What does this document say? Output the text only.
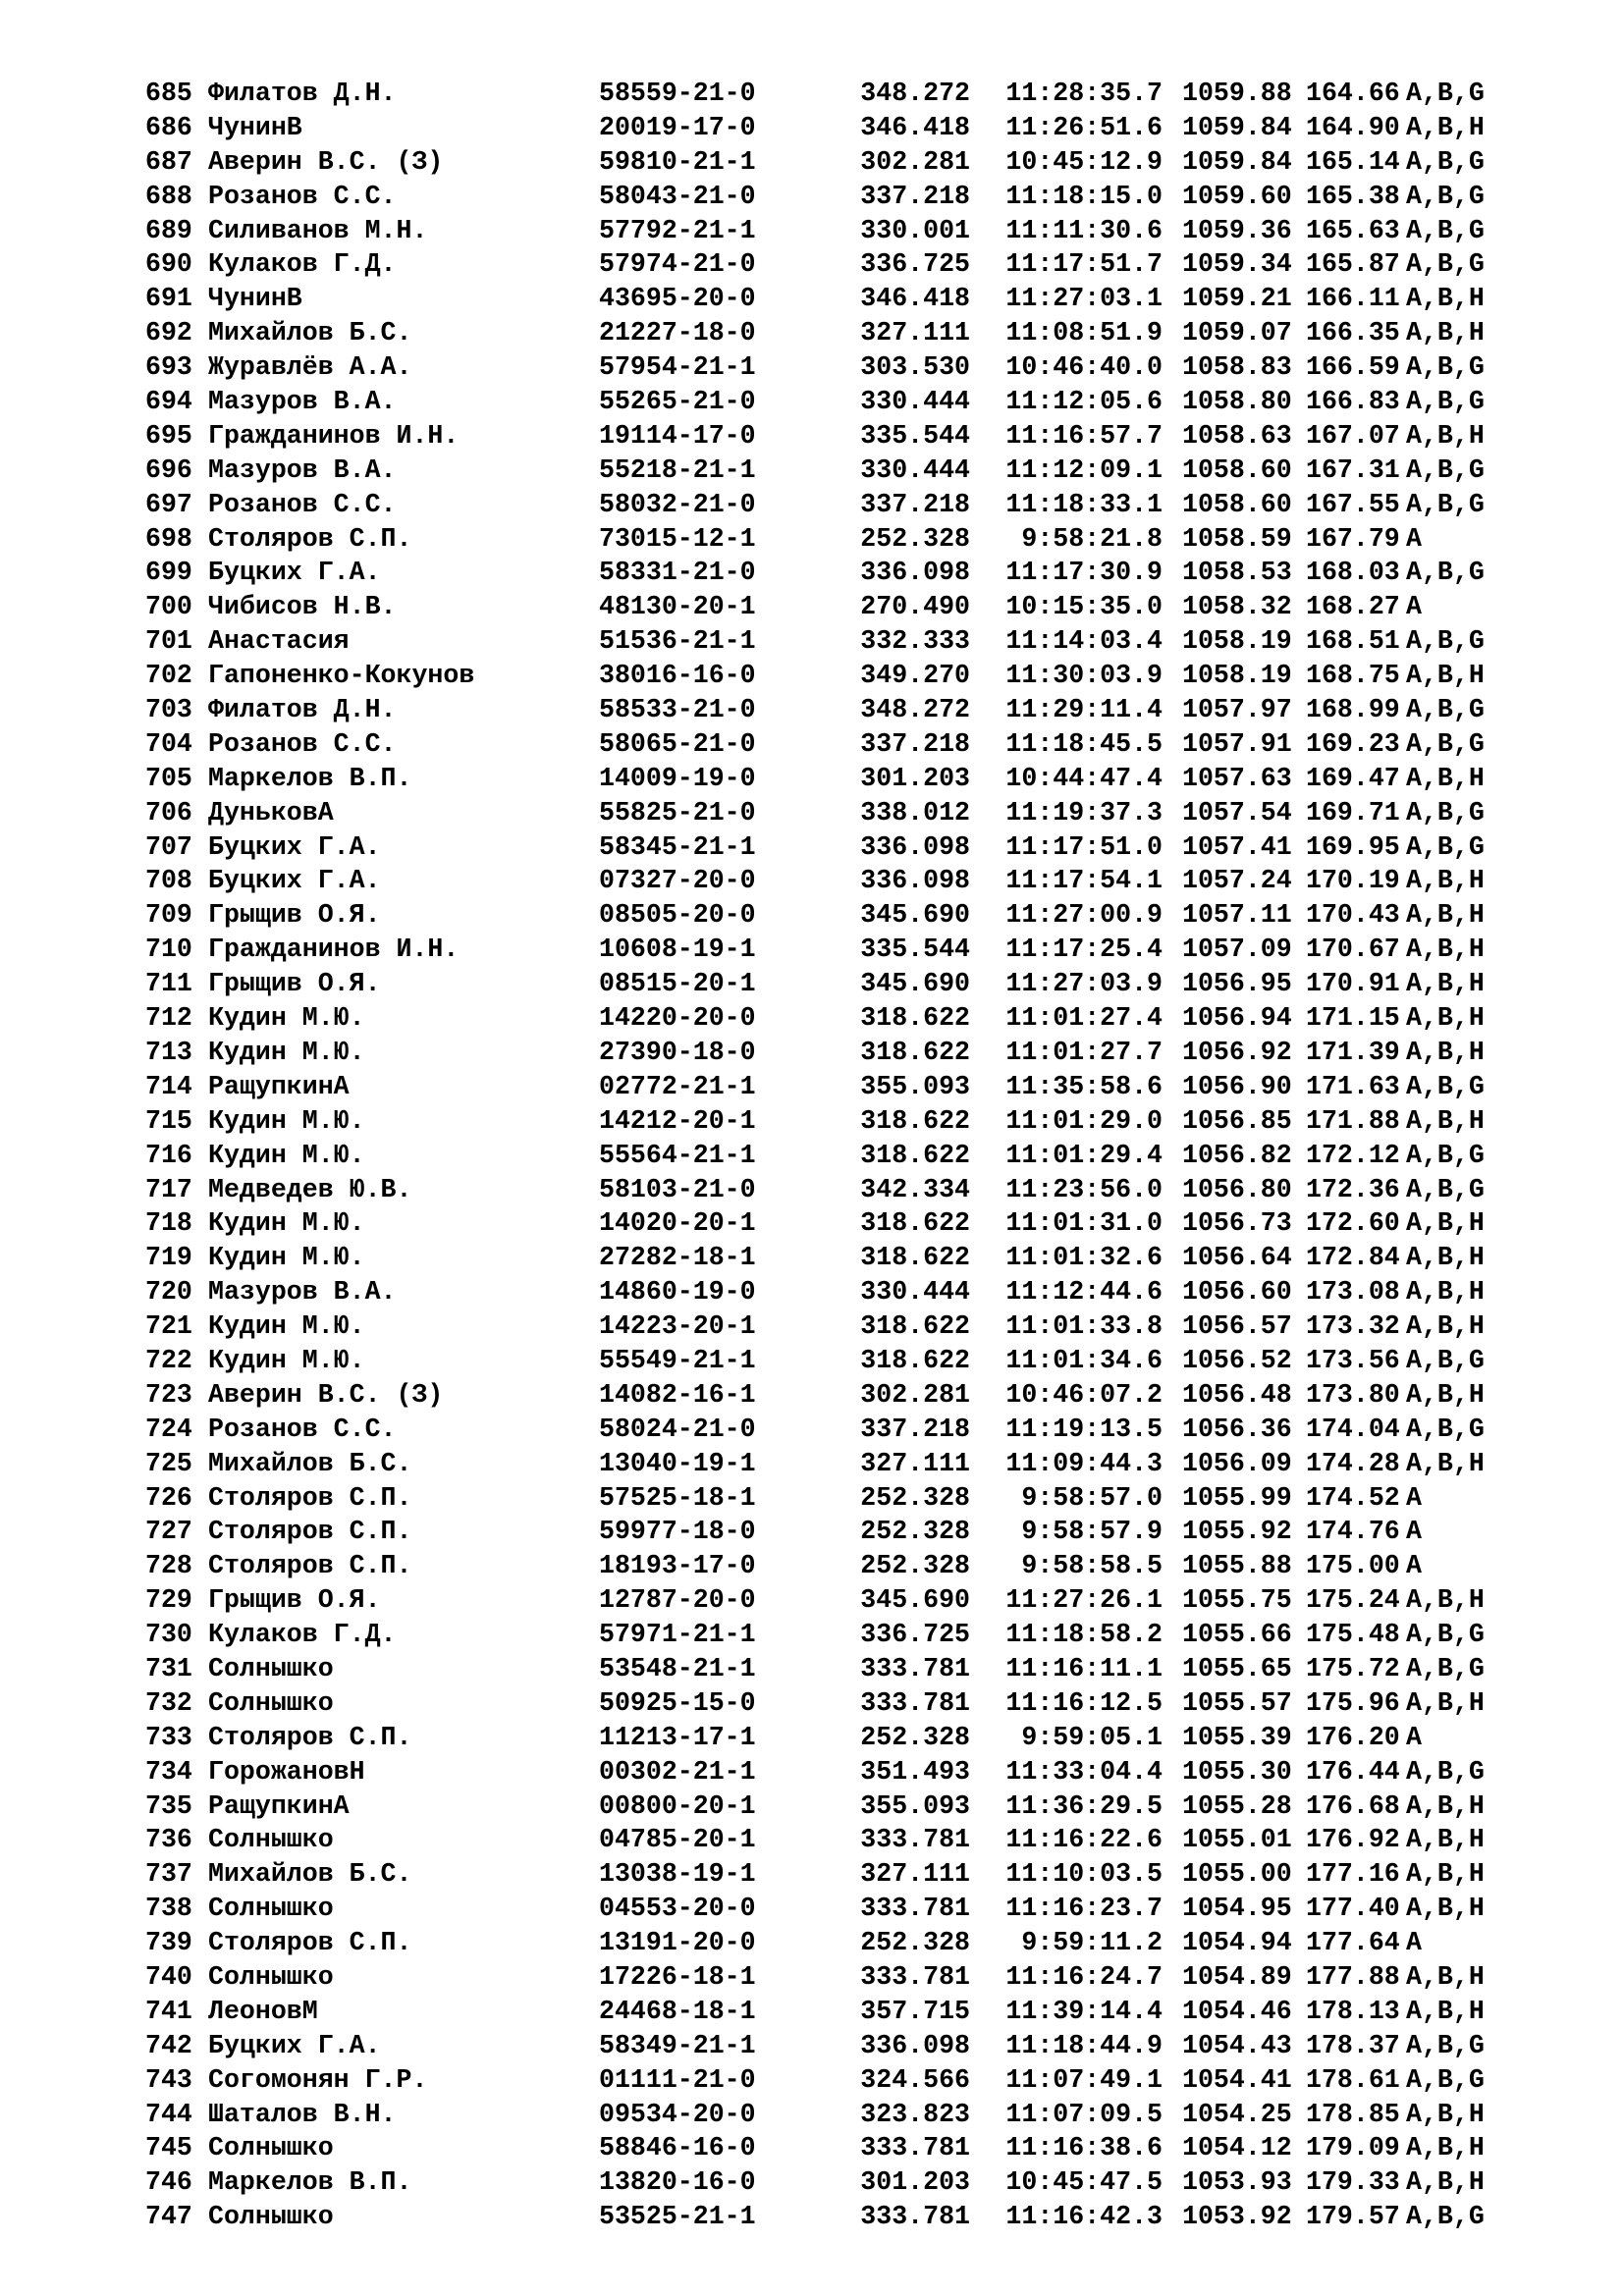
685 Филатов Д.Н.	58559-21-0	348.272	11:28:35.7 1059.88 164.66 A,B,G
686 ЧунинВ	20019-17-0	346.418	11:26:51.6 1059.84 164.90 A,B,H
687 Аверин В.С. (З)	59810-21-1	302.281	10:45:12.9 1059.84 165.14 A,B,G
688 Розанов С.С.	58043-21-0	337.218	11:18:15.0 1059.60 165.38 A,B,G
689 Силиванов М.Н.	57792-21-1	330.001	11:11:30.6 1059.36 165.63 A,B,G
690 Кулаков Г.Д.	57974-21-0	336.725	11:17:51.7 1059.34 165.87 A,B,G
691 ЧунинВ	43695-20-0	346.418	11:27:03.1 1059.21 166.11 A,B,H
692 Михайлов Б.С.	21227-18-0	327.111	11:08:51.9 1059.07 166.35 A,B,H
693 Журавлёв А.А.	57954-21-1	303.530	10:46:40.0 1058.83 166.59 A,B,G
694 Мазуров В.А.	55265-21-0	330.444	11:12:05.6 1058.80 166.83 A,B,G
695 Гражданинов И.Н.	19114-17-0	335.544	11:16:57.7 1058.63 167.07 A,B,H
696 Мазуров В.А.	55218-21-1	330.444	11:12:09.1 1058.60 167.31 A,B,G
697 Розанов С.С.	58032-21-0	337.218	11:18:33.1 1058.60 167.55 A,B,G
698 Столяров С.П.	73015-12-1	252.328	9:58:21.8 1058.59 167.79 A
699 Буцких Г.А.	58331-21-0	336.098	11:17:30.9 1058.53 168.03 A,B,G
700 Чибисов Н.В.	48130-20-1	270.490	10:15:35.0 1058.32 168.27 A
701 Анастасия	51536-21-1	332.333	11:14:03.4 1058.19 168.51 A,B,G
702 Гапоненко-Кокунов	38016-16-0	349.270	11:30:03.9 1058.19 168.75 A,B,H
703 Филатов Д.Н.	58533-21-0	348.272	11:29:11.4 1057.97 168.99 A,B,G
704 Розанов С.С.	58065-21-0	337.218	11:18:45.5 1057.91 169.23 A,B,G
705 Маркелов В.П.	14009-19-0	301.203	10:44:47.4 1057.63 169.47 A,B,H
706 ДуньковА	55825-21-0	338.012	11:19:37.3 1057.54 169.71 A,B,G
707 Буцких Г.А.	58345-21-1	336.098	11:17:51.0 1057.41 169.95 A,B,G
708 Буцких Г.А.	07327-20-0	336.098	11:17:54.1 1057.24 170.19 A,B,H
709 Грыщив О.Я.	08505-20-0	345.690	11:27:00.9 1057.11 170.43 A,B,H
710 Гражданинов И.Н.	10608-19-1	335.544	11:17:25.4 1057.09 170.67 A,B,H
711 Грыщив О.Я.	08515-20-1	345.690	11:27:03.9 1056.95 170.91 A,B,H
712 Кудин М.Ю.	14220-20-0	318.622	11:01:27.4 1056.94 171.15 A,B,H
713 Кудин М.Ю.	27390-18-0	318.622	11:01:27.7 1056.92 171.39 A,B,H
714 РащупкинА	02772-21-1	355.093	11:35:58.6 1056.90 171.63 A,B,G
715 Кудин М.Ю.	14212-20-1	318.622	11:01:29.0 1056.85 171.88 A,B,H
716 Кудин М.Ю.	55564-21-1	318.622	11:01:29.4 1056.82 172.12 A,B,G
717 Медведев Ю.В.	58103-21-0	342.334	11:23:56.0 1056.80 172.36 A,B,G
718 Кудин М.Ю.	14020-20-1	318.622	11:01:31.0 1056.73 172.60 A,B,H
719 Кудин М.Ю.	27282-18-1	318.622	11:01:32.6 1056.64 172.84 A,B,H
720 Мазуров В.А.	14860-19-0	330.444	11:12:44.6 1056.60 173.08 A,B,H
721 Кудин М.Ю.	14223-20-1	318.622	11:01:33.8 1056.57 173.32 A,B,H
722 Кудин М.Ю.	55549-21-1	318.622	11:01:34.6 1056.52 173.56 A,B,G
723 Аверин В.С. (З)	14082-16-1	302.281	10:46:07.2 1056.48 173.80 A,B,H
724 Розанов С.С.	58024-21-0	337.218	11:19:13.5 1056.36 174.04 A,B,G
725 Михайлов Б.С.	13040-19-1	327.111	11:09:44.3 1056.09 174.28 A,B,H
726 Столяров С.П.	57525-18-1	252.328	9:58:57.0 1055.99 174.52 A
727 Столяров С.П.	59977-18-0	252.328	9:58:57.9 1055.92 174.76 A
728 Столяров С.П.	18193-17-0	252.328	9:58:58.5 1055.88 175.00 A
729 Грыщив О.Я.	12787-20-0	345.690	11:27:26.1 1055.75 175.24 A,B,H
730 Кулаков Г.Д.	57971-21-1	336.725	11:18:58.2 1055.66 175.48 A,B,G
731 Солнышко	53548-21-1	333.781	11:16:11.1 1055.65 175.72 A,B,G
732 Солнышко	50925-15-0	333.781	11:16:12.5 1055.57 175.96 A,B,H
733 Столяров С.П.	11213-17-1	252.328	9:59:05.1 1055.39 176.20 A
734 ГорожановН	00302-21-1	351.493	11:33:04.4 1055.30 176.44 A,B,G
735 РащупкинА	00800-20-1	355.093	11:36:29.5 1055.28 176.68 A,B,H
736 Солнышко	04785-20-1	333.781	11:16:22.6 1055.01 176.92 A,B,H
737 Михайлов Б.С.	13038-19-1	327.111	11:10:03.5 1055.00 177.16 A,B,H
738 Солнышко	04553-20-0	333.781	11:16:23.7 1054.95 177.40 A,B,H
739 Столяров С.П.	13191-20-0	252.328	9:59:11.2 1054.94 177.64 A
740 Солнышко	17226-18-1	333.781	11:16:24.7 1054.89 177.88 A,B,H
741 ЛеоновМ	24468-18-1	357.715	11:39:14.4 1054.46 178.13 A,B,H
742 Буцких Г.А.	58349-21-1	336.098	11:18:44.9 1054.43 178.37 A,B,G
743 Согомонян Г.Р.	01111-21-0	324.566	11:07:49.1 1054.41 178.61 A,B,G
744 Шаталов В.Н.	09534-20-0	323.823	11:07:09.5 1054.25 178.85 A,B,H
745 Солнышко	58846-16-0	333.781	11:16:38.6 1054.12 179.09 A,B,H
746 Маркелов В.П.	13820-16-0	301.203	10:45:47.5 1053.93 179.33 A,B,H
747 Солнышко	53525-21-1	333.781	11:16:42.3 1053.92 179.57 A,B,G
